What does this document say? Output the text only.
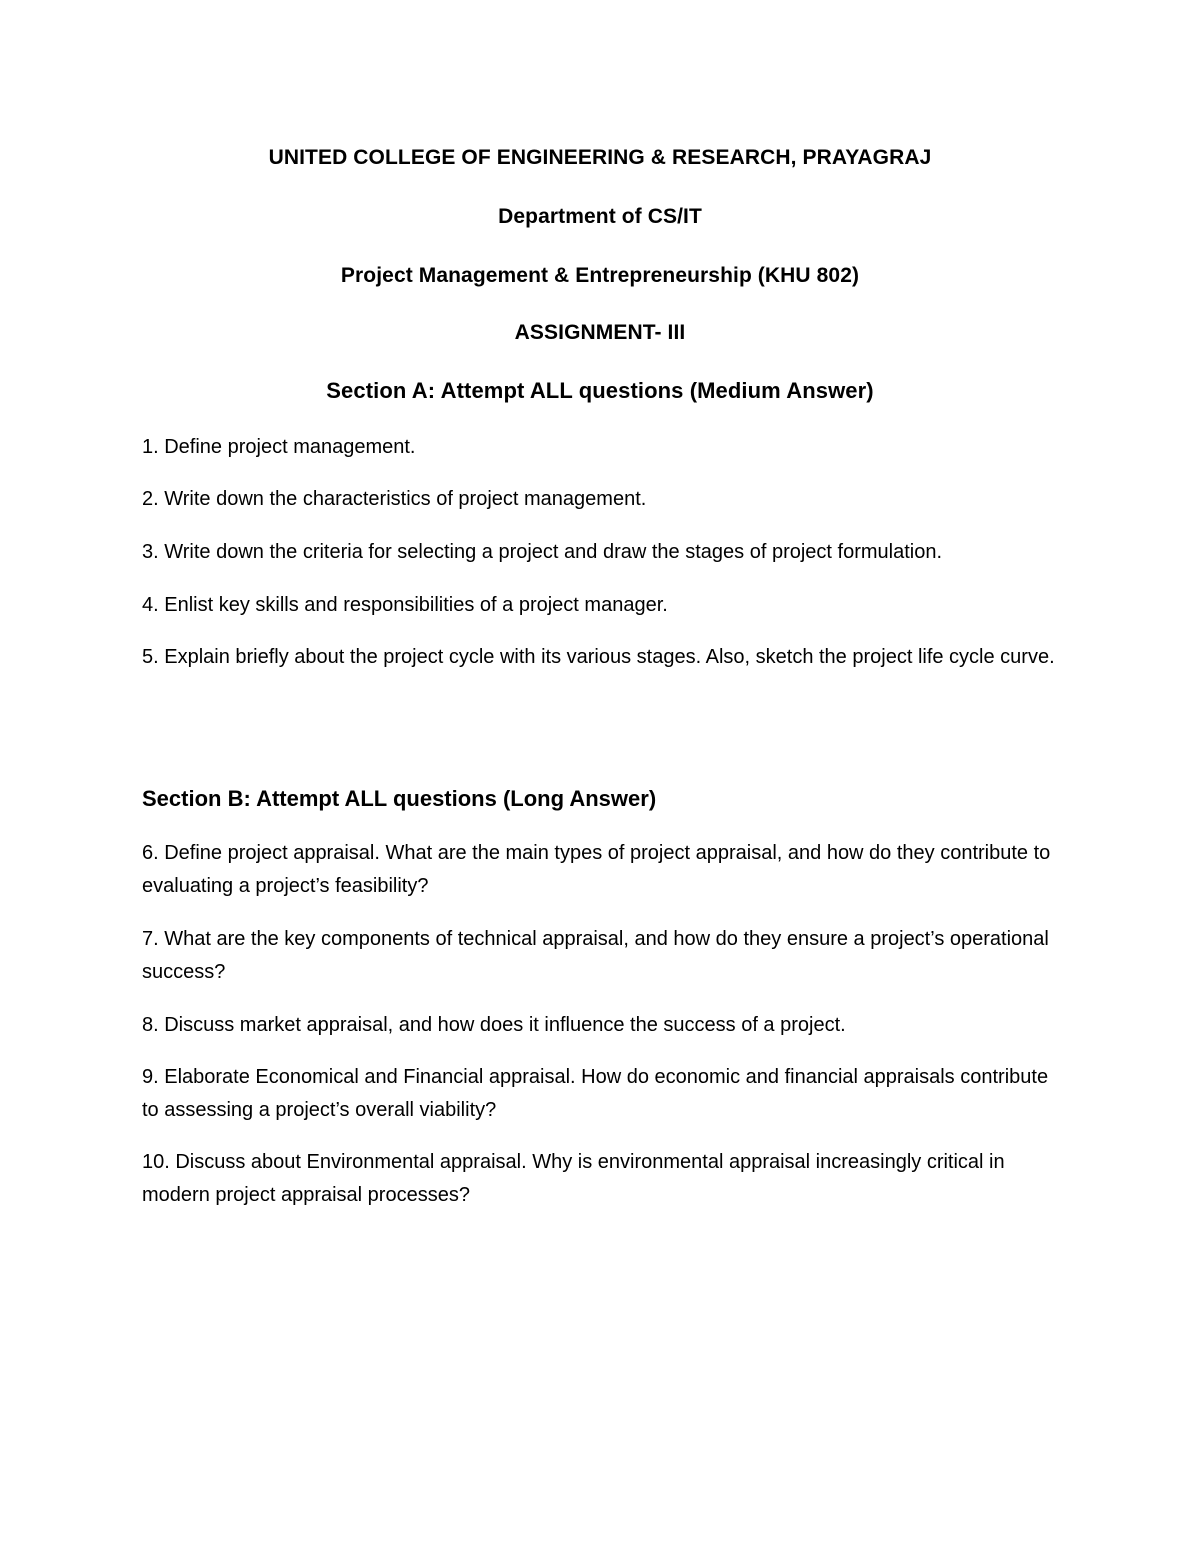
UNITED COLLEGE OF ENGINEERING & RESEARCH, PRAYAGRAJ
Department of CS/IT
Project Management & Entrepreneurship (KHU 802)
ASSIGNMENT- III
Section A: Attempt ALL questions (Medium Answer)
1. Define project management.
2. Write down the characteristics of project management.
3. Write down the criteria for selecting a project and draw the stages of project formulation.
4. Enlist key skills and responsibilities of a project manager.
5. Explain briefly about the project cycle with its various stages. Also, sketch the project life cycle curve.
Section B: Attempt ALL questions (Long Answer)
6. Define project appraisal. What are the main types of project appraisal, and how do they contribute to evaluating a project’s feasibility?
7. What are the key components of technical appraisal, and how do they ensure a project’s operational success?
8. Discuss market appraisal, and how does it influence the success of a project.
9. Elaborate Economical and Financial appraisal. How do economic and financial appraisals contribute to assessing a project’s overall viability?
10. Discuss about Environmental appraisal. Why is environmental appraisal increasingly critical in modern project appraisal processes?
